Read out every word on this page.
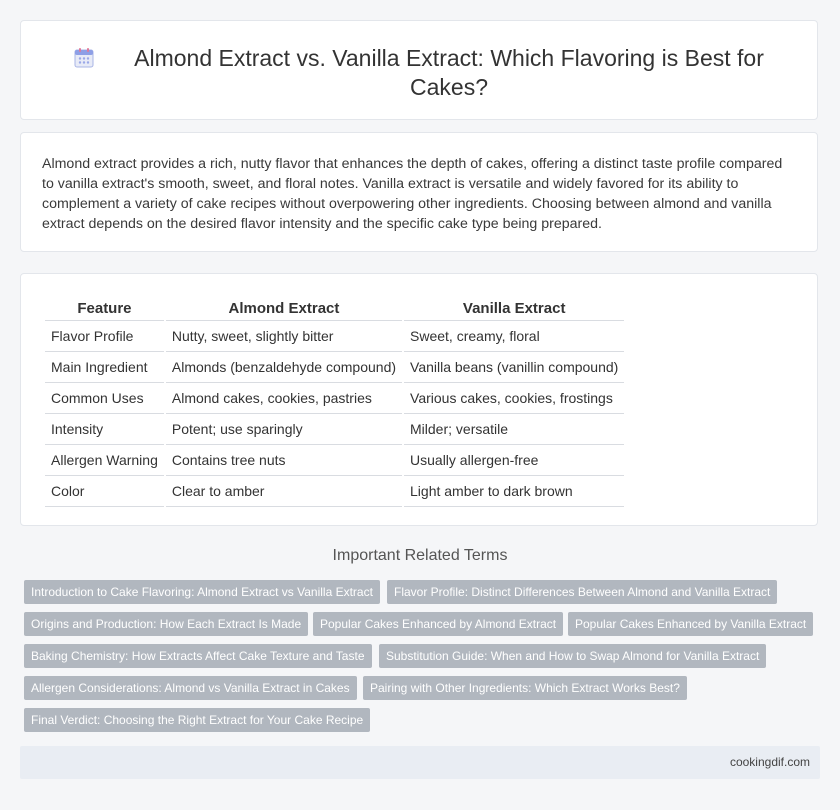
Almond Extract vs. Vanilla Extract: Which Flavoring is Best for Cakes?

Almond extract provides a rich, nutty flavor that enhances the depth of cakes, offering a distinct taste profile compared to vanilla extract's smooth, sweet, and floral notes. Vanilla extract is versatile and widely favored for its ability to complement a variety of cake recipes without overpowering other ingredients. Choosing between almond and vanilla extract depends on the desired flavor intensity and the specific cake type being prepared.

Feature	Almond Extract	Vanilla Extract
Flavor Profile	Nutty, sweet, slightly bitter	Sweet, creamy, floral
Main Ingredient	Almonds (benzaldehyde compound)	Vanilla beans (vanillin compound)
Common Uses	Almond cakes, cookies, pastries	Various cakes, cookies, frostings
Intensity	Potent; use sparingly	Milder; versatile
Allergen Warning	Contains tree nuts	Usually allergen-free
Color	Clear to amber	Light amber to dark brown
Important Related Terms
Introduction to Cake Flavoring: Almond Extract vs Vanilla Extract	Flavor Profile: Distinct Differences Between Almond and Vanilla Extract
Origins and Production: How Each Extract Is Made	Popular Cakes Enhanced by Almond Extract	Popular Cakes Enhanced by Vanilla Extract
Baking Chemistry: How Extracts Affect Cake Texture and Taste	Substitution Guide: When and How to Swap Almond for Vanilla Extract
Allergen Considerations: Almond vs Vanilla Extract in Cakes	Pairing with Other Ingredients: Which Extract Works Best?
Final Verdict: Choosing the Right Extract for Your Cake Recipe
cookingdif.com
